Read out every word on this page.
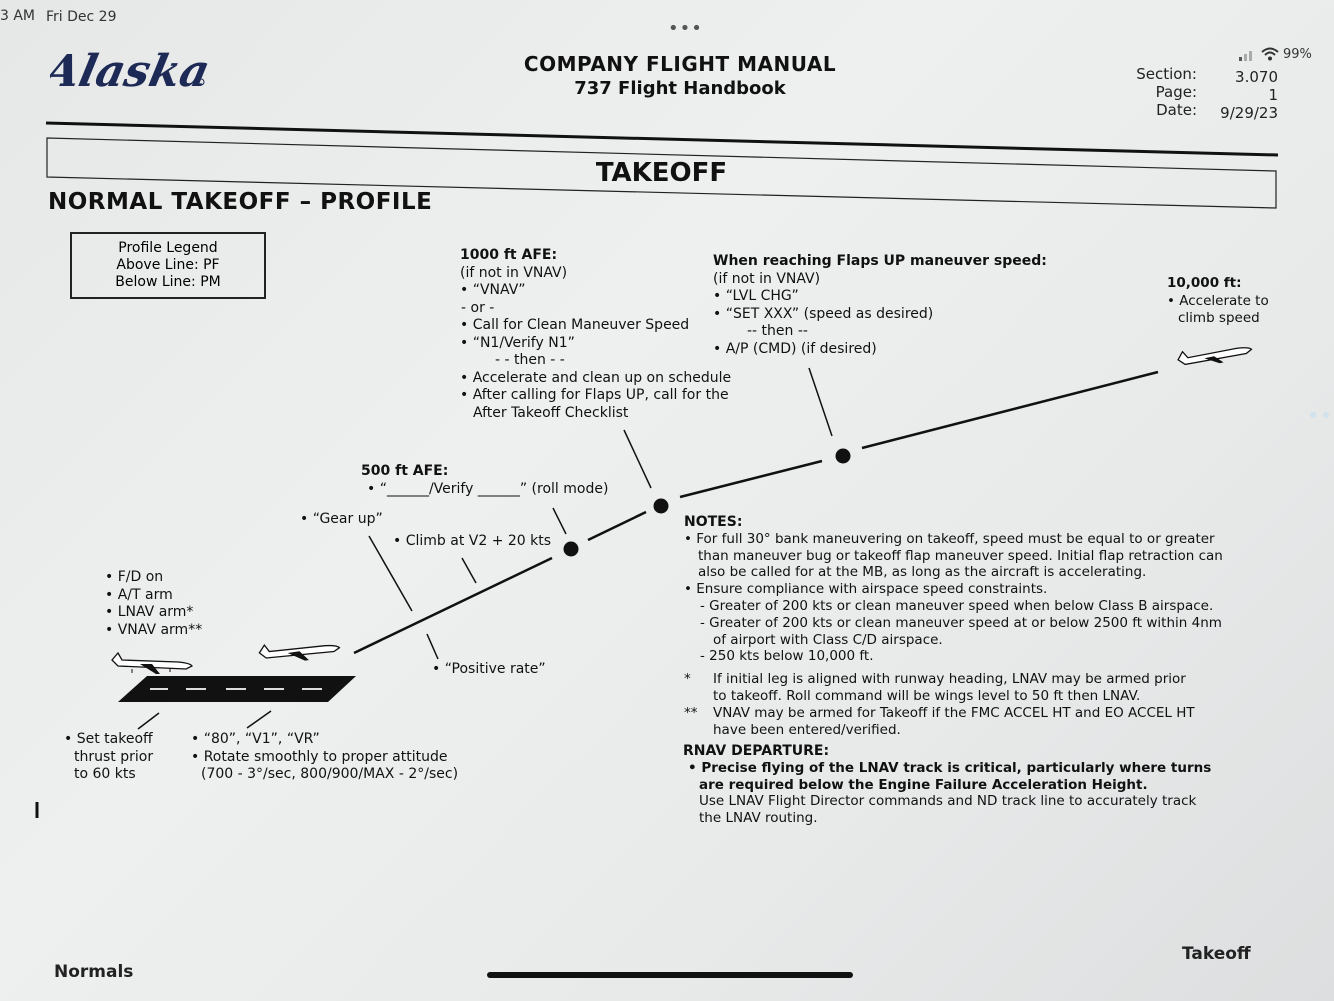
3 AM Fri Dec 29
•••
99%
Alaska	COMPANY FLIGHT MANUAL
737 Flight Handbook
Section:
Page:
Date:
3.070
1
9/29/23
TAKEOFF
NORMAL TAKEOFF – PROFILE
Profile Legend
Above Line: PF
Below Line: PM
1000 ft AFE:
(if not in VNAV)
• “VNAV”
- or -
• Call for Clean Maneuver Speed
• “N1/Verify N1”
- - then - -
• Accelerate and clean up on schedule
• After calling for Flaps UP, call for the
After Takeoff Checklist
When reaching Flaps UP maneuver speed:
(if not in VNAV)
• “LVL CHG”
• “SET XXX” (speed as desired)
-- then --
• A/P (CMD) (if desired)
10,000 ft:
• Accelerate to
climb speed
500 ft AFE:
• “______/Verify ______” (roll mode)
• “Gear up”
• Climb at V2 + 20 kts
• “Positive rate”
• F/D on
• A/T arm
• LNAV arm*
• VNAV arm**
• Set takeoff
thrust prior
to 60 kts
• “80”, “V1”, “VR”
• Rotate smoothly to proper attitude
(700 - 3°/sec, 800/900/MAX - 2°/sec)
NOTES:
• For full 30° bank maneuvering on takeoff, speed must be equal to or greater
than maneuver bug or takeoff flap maneuver speed. Initial flap retraction can
also be called for at the MB, as long as the aircraft is accelerating.
• Ensure compliance with airspace speed constraints.
- Greater of 200 kts or clean maneuver speed when below Class B airspace.
- Greater of 200 kts or clean maneuver speed at or below 2500 ft within 4nm
of airport with Class C/D airspace.
- 250 kts below 10,000 ft.
* If initial leg is aligned with runway heading, LNAV may be armed prior
to takeoff. Roll command will be wings level to 50 ft then LNAV.
** VNAV may be armed for Takeoff if the FMC ACCEL HT and EO ACCEL HT
have been entered/verified.
RNAV DEPARTURE:
• Precise flying of the LNAV track is critical, particularly where turns
are required below the Engine Failure Acceleration Height.
Use LNAV Flight Director commands and ND track line to accurately track
the LNAV routing.
Normals
Takeoff
